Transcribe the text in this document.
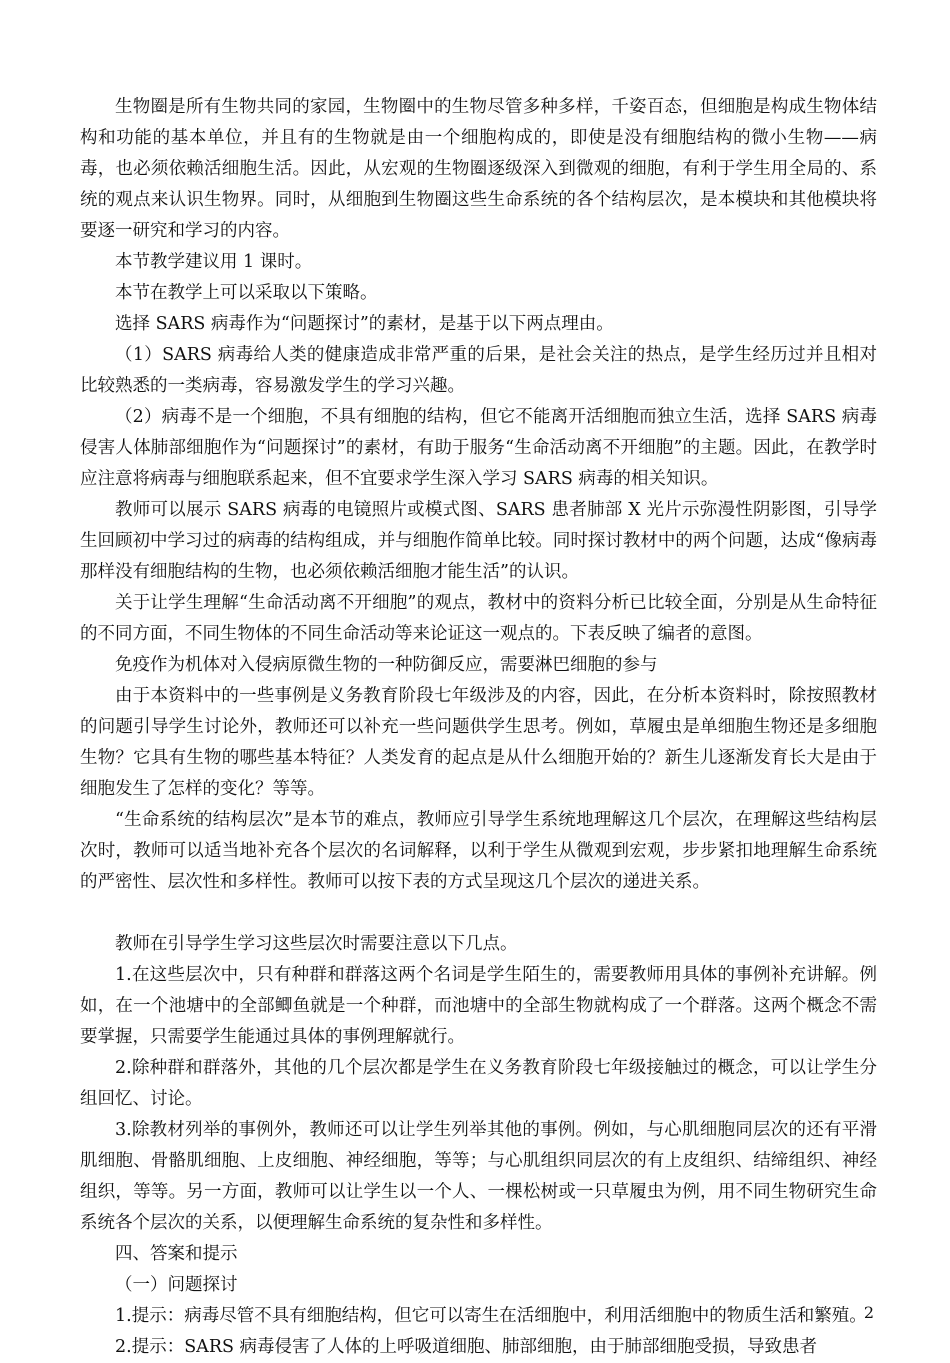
生物圈是所有生物共同的家园，生物圈中的生物尽管多种多样，千姿百态，但细胞是构成生物体结构和功能的基本单位，并且有的生物就是由一个细胞构成的，即使是没有细胞结构的微小生物——病毒，也必须依赖活细胞生活。因此，从宏观的生物圈逐级深入到微观的细胞，有利于学生用全局的、系统的观点来认识生物界。同时，从细胞到生物圈这些生命系统的各个结构层次，是本模块和其他模块将要逐一研究和学习的内容。

本节教学建议用 1 课时。

本节在教学上可以采取以下策略。

选择 SARS 病毒作为“问题探讨”的素材，是基于以下两点理由。

（1）SARS 病毒给人类的健康造成非常严重的后果，是社会关注的热点，是学生经历过并且相对比较熟悉的一类病毒，容易激发学生的学习兴趣。

（2）病毒不是一个细胞，不具有细胞的结构，但它不能离开活细胞而独立生活，选择 SARS 病毒侵害人体肺部细胞作为“问题探讨”的素材，有助于服务“生命活动离不开细胞”的主题。因此，在教学时应注意将病毒与细胞联系起来，但不宜要求学生深入学习 SARS 病毒的相关知识。

教师可以展示 SARS 病毒的电镜照片或模式图、SARS 患者肺部 X 光片示弥漫性阴影图，引导学生回顾初中学习过的病毒的结构组成，并与细胞作简单比较。同时探讨教材中的两个问题，达成“像病毒那样没有细胞结构的生物，也必须依赖活细胞才能生活”的认识。

关于让学生理解“生命活动离不开细胞”的观点，教材中的资料分析已比较全面，分别是从生命特征的不同方面，不同生物体的不同生命活动等来论证这一观点的。下表反映了编者的意图。

免疫作为机体对入侵病原微生物的一种防御反应，需要淋巴细胞的参与

由于本资料中的一些事例是义务教育阶段七年级涉及的内容，因此，在分析本资料时，除按照教材的问题引导学生讨论外，教师还可以补充一些问题供学生思考。例如，草履虫是单细胞生物还是多细胞生物？它具有生物的哪些基本特征？人类发育的起点是从什么细胞开始的？新生儿逐渐发育长大是由于细胞发生了怎样的变化？等等。

“生命系统的结构层次”是本节的难点，教师应引导学生系统地理解这几个层次，在理解这些结构层次时，教师可以适当地补充各个层次的名词解释，以利于学生从微观到宏观，步步紧扣地理解生命系统的严密性、层次性和多样性。教师可以按下表的方式呈现这几个层次的递进关系。

教师在引导学生学习这些层次时需要注意以下几点。

1.在这些层次中，只有种群和群落这两个名词是学生陌生的，需要教师用具体的事例补充讲解。例如，在一个池塘中的全部鲫鱼就是一个种群，而池塘中的全部生物就构成了一个群落。这两个概念不需要掌握，只需要学生能通过具体的事例理解就行。

2.除种群和群落外，其他的几个层次都是学生在义务教育阶段七年级接触过的概念，可以让学生分组回忆、讨论。

3.除教材列举的事例外，教师还可以让学生列举其他的事例。例如，与心肌细胞同层次的还有平滑肌细胞、骨骼肌细胞、上皮细胞、神经细胞，等等；与心肌组织同层次的有上皮组织、结缔组织、神经组织，等等。另一方面，教师可以让学生以一个人、一棵松树或一只草履虫为例，用不同生物研究生命系统各个层次的关系，以便理解生命系统的复杂性和多样性。

四、答案和提示

（一）问题探讨

1.提示：病毒尽管不具有细胞结构，但它可以寄生在活细胞中，利用活细胞中的物质生活和繁殖。

2.提示：SARS 病毒侵害了人体的上呼吸道细胞、肺部细胞，由于肺部细胞受损，导致患者

2
